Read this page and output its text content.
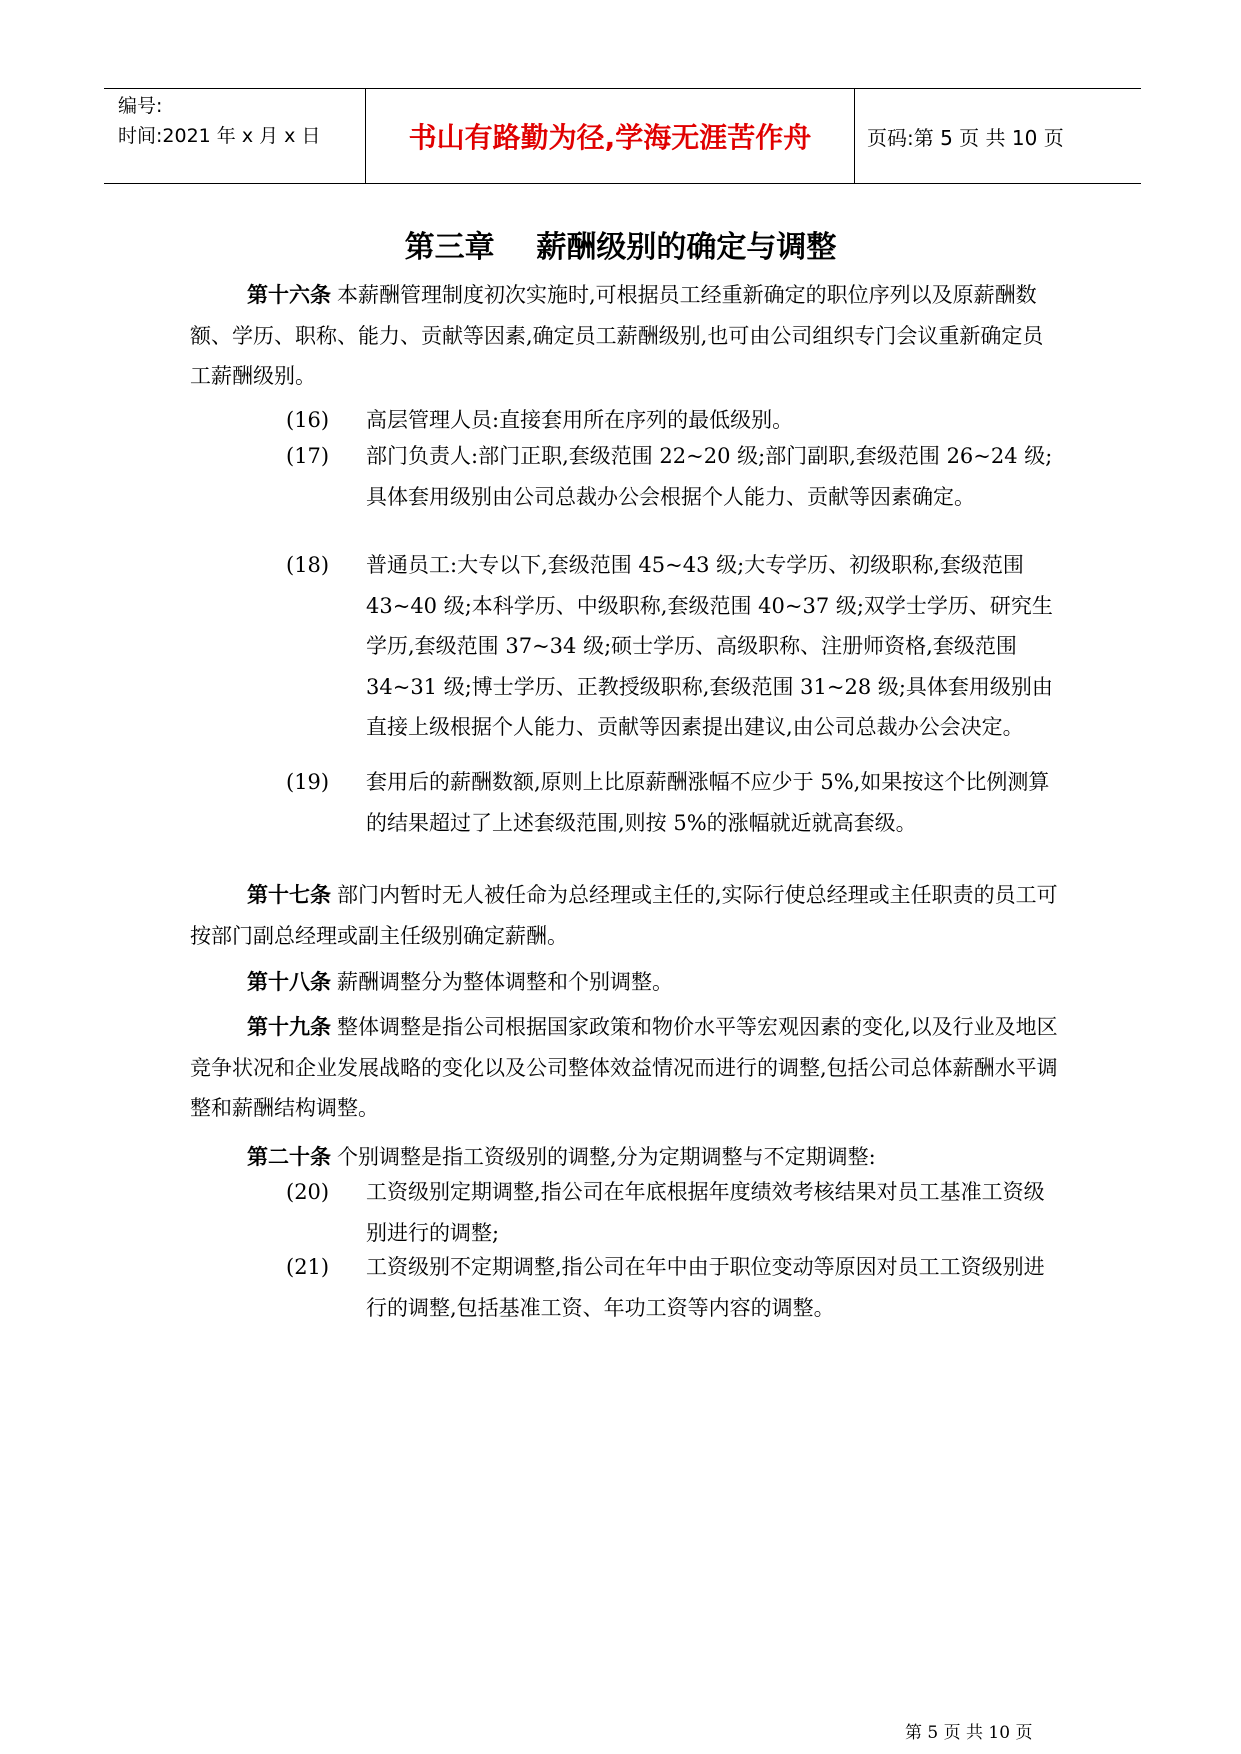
编号:
时间:2021 年 x 月 x 日	书山有路勤为径,学海无涯苦作舟	页码:第 5 页 共 10 页
第三章    薪酬级别的确定与调整
第十六条 本薪酬管理制度初次实施时,可根据员工经重新确定的职位序列以及原薪酬数额、学历、职称、能力、贡献等因素,确定员工薪酬级别,也可由公司组织专门会议重新确定员工薪酬级别。
(16) 高层管理人员:直接套用所在序列的最低级别。
(17) 部门负责人:部门正职,套级范围 22~20 级;部门副职,套级范围 26~24 级;具体套用级别由公司总裁办公会根据个人能力、贡献等因素确定。
(18) 普通员工:大专以下,套级范围 45~43 级;大专学历、初级职称,套级范围 43~40 级;本科学历、中级职称,套级范围 40~37 级;双学士学历、研究生学历,套级范围 37~34 级;硕士学历、高级职称、注册师资格,套级范围 34~31 级;博士学历、正教授级职称,套级范围 31~28 级;具体套用级别由直接上级根据个人能力、贡献等因素提出建议,由公司总裁办公会决定。
(19) 套用后的薪酬数额,原则上比原薪酬涨幅不应少于 5%,如果按这个比例测算的结果超过了上述套级范围,则按 5%的涨幅就近就高套级。
第十七条 部门内暂时无人被任命为总经理或主任的,实际行使总经理或主任职责的员工可按部门副总经理或副主任级别确定薪酬。
第十八条 薪酬调整分为整体调整和个别调整。
第十九条 整体调整是指公司根据国家政策和物价水平等宏观因素的变化,以及行业及地区竞争状况和企业发展战略的变化以及公司整体效益情况而进行的调整,包括公司总体薪酬水平调整和薪酬结构调整。
第二十条 个别调整是指工资级别的调整,分为定期调整与不定期调整:
(20) 工资级别定期调整,指公司在年底根据年度绩效考核结果对员工基准工资级别进行的调整;
(21) 工资级别不定期调整,指公司在年中由于职位变动等原因对员工工资级别进行的调整,包括基准工资、年功工资等内容的调整。
第 5 页 共 10 页
